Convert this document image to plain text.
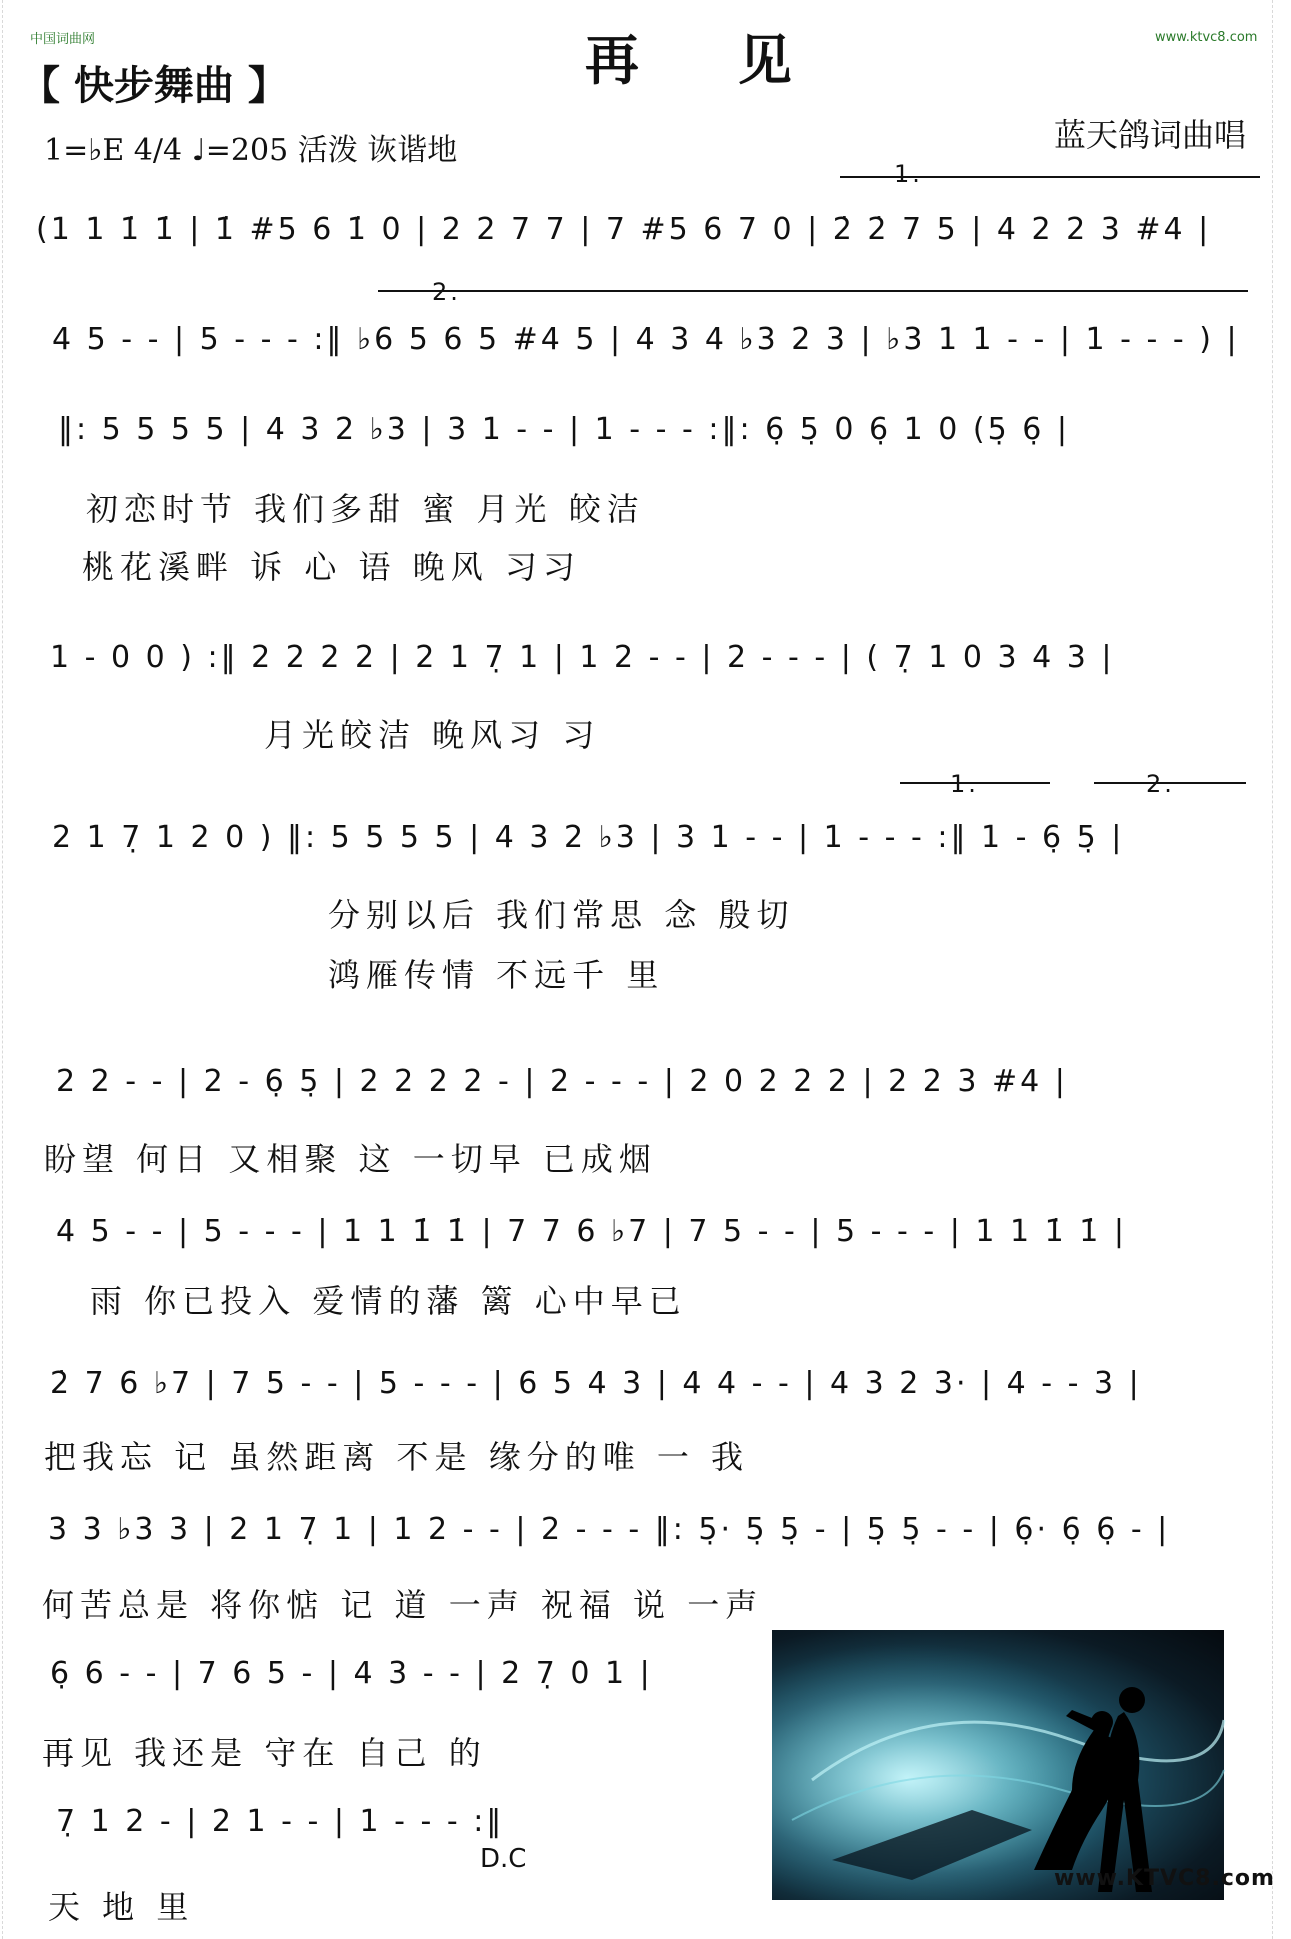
中国词曲网	www.ktvc8.com
再 见
【 快步舞曲 】
1=♭E 4/4 ♩=205 活泼 诙谐地	蓝天鸽词曲唱
(1 1 1̇ 1̇ | 1̇ #5 6 1̇ 0 | 2 2 7 7 | 7 #5 6 7 0 | 2̇ 2̇ 7 5 | 4 2 2 3 #4 |
1.
4 5 - - | 5 - - - :‖ ♭6 5 6 5 #4 5 | 4 3 4 ♭3 2 3 | ♭3 1 1 - - | 1 - - - ) |
2.
‖: 5 5 5 5 | 4 3 2 ♭3 | 3 1 - - | 1 - - - :‖: 6̣ 5̣ 0 6̣ 1 0 (5̣ 6̣ |
初恋时节 我们多甜 蜜 月光 皎洁
桃花溪畔 诉 心 语 晚风 习习
1 - 0 0 ) :‖ 2 2 2 2 | 2 1 7̣ 1 | 1 2 - - | 2 - - - | ( 7̣ 1 0 3 4 3 |
月光皎洁 晚风习 习
2 1 7̣ 1 2 0 ) ‖: 5 5 5 5 | 4 3 2 ♭3 | 3 1 - - | 1 - - - :‖ 1 - 6̣ 5̣ |
1.	2.
分别以后 我们常思 念 殷切
鸿雁传情 不远千 里
2 2 - - | 2 - 6̣ 5̣ | 2 2 2 2 - | 2 - - - | 2 0 2 2 2 | 2 2 3 #4 |
盼望 何日 又相聚 这 一切早 已成烟
4 5 - - | 5 - - - | 1 1 1̇ 1̇ | 7 7 6 ♭7 | 7 5 - - | 5 - - - | 1 1 1̇ 1̇ |
雨 你已投入 爱情的藩 篱 心中早已
2̇ 7 6 ♭7 | 7 5 - - | 5 - - - | 6 5 4 3 | 4 4 - - | 4 3 2 3· | 4 - - 3 |
把我忘 记 虽然距离 不是 缘分的唯 一 我
3 3 ♭3 3 | 2 1 7̣ 1 | 1 2 - - | 2 - - - ‖: 5̣· 5̣ 5̣ - | 5̣ 5̣ - - | 6̣· 6̣ 6̣ - |
何苦总是 将你惦 记 道 一声 祝福 说 一声
6̣ 6 - - | 7 6 5 - | 4 3 - - | 2 7̣ 0 1 |
再见 我还是 守在 自己 的
7̣ 1 2 - | 2 1 - - | 1 - - - :‖
D.C
天 地 里
www.KTVC8.com
